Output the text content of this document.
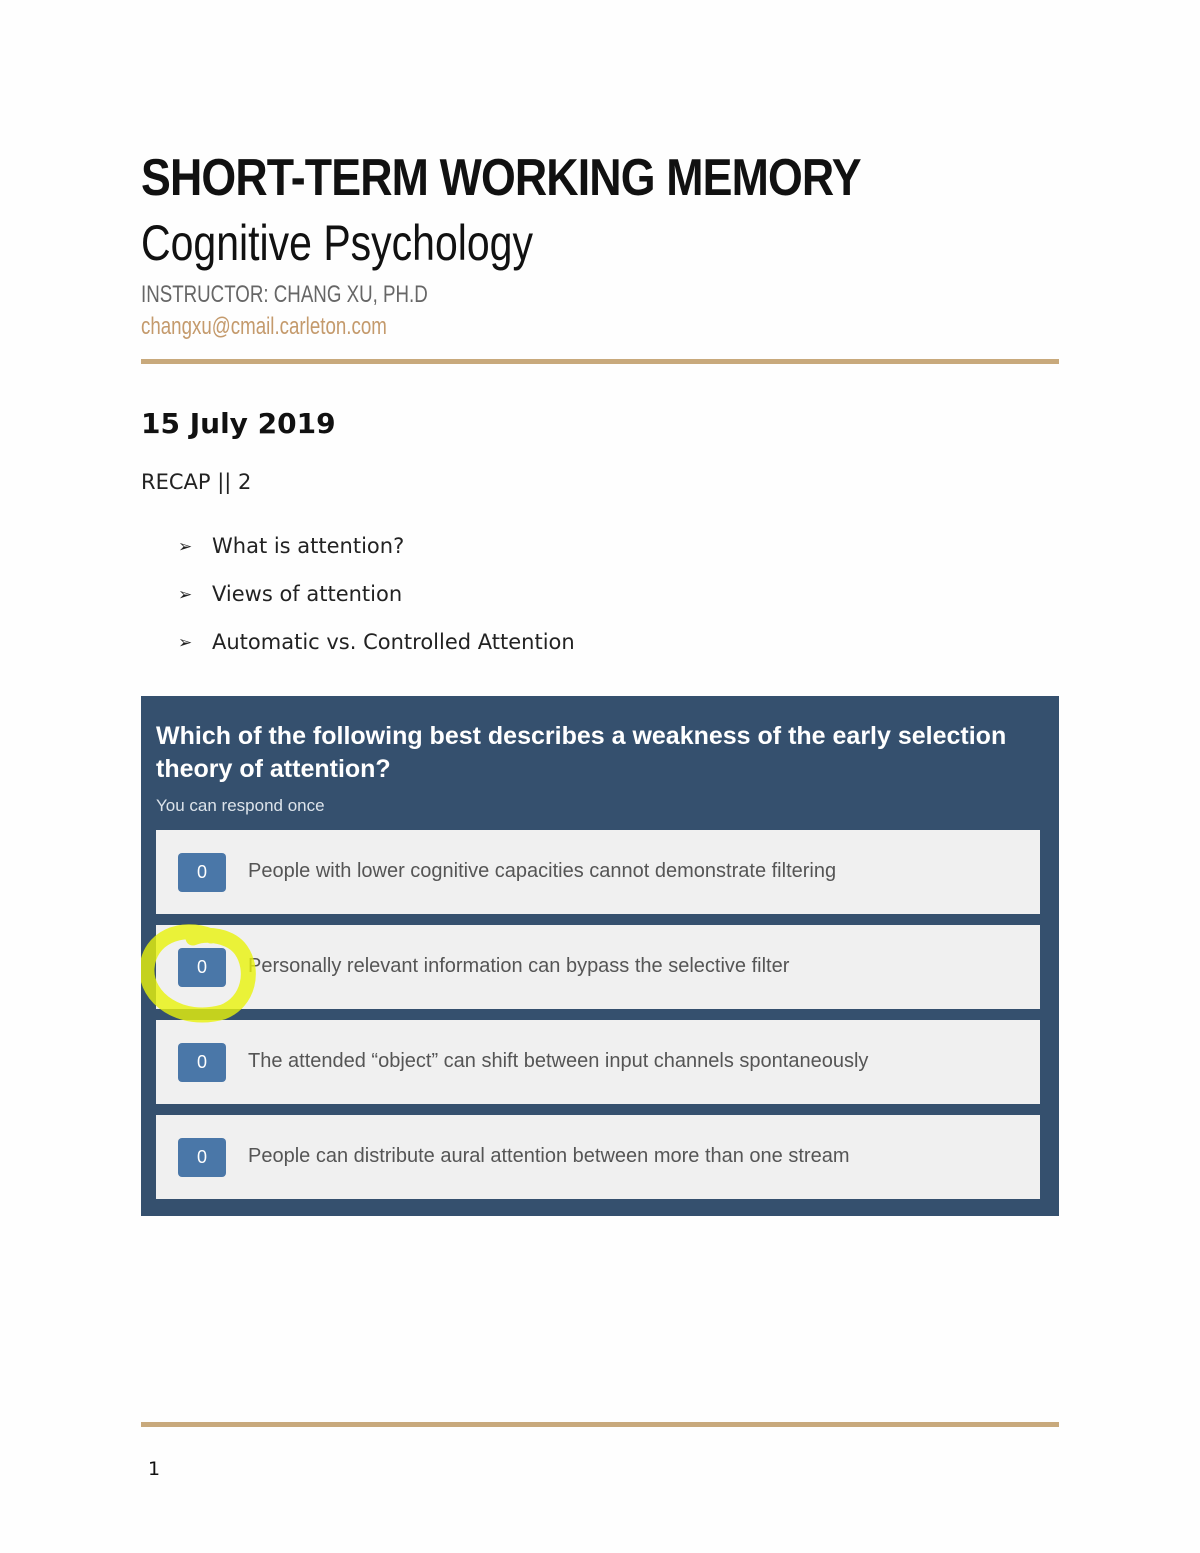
SHORT-TERM WORKING MEMORY
Cognitive Psychology
INSTRUCTOR: CHANG XU, PH.D
changxu@cmail.carleton.com
15 July 2019
RECAP || 2
➢ What is attention?
➢ Views of attention
➢ Automatic vs. Controlled Attention
Which of the following best describes a weakness of the early selection theory of attention?
You can respond once
0	People with lower cognitive capacities cannot demonstrate filtering
0	Personally relevant information can bypass the selective filter
0	The attended “object” can shift between input channels spontaneously
0	People can distribute aural attention between more than one stream
1
